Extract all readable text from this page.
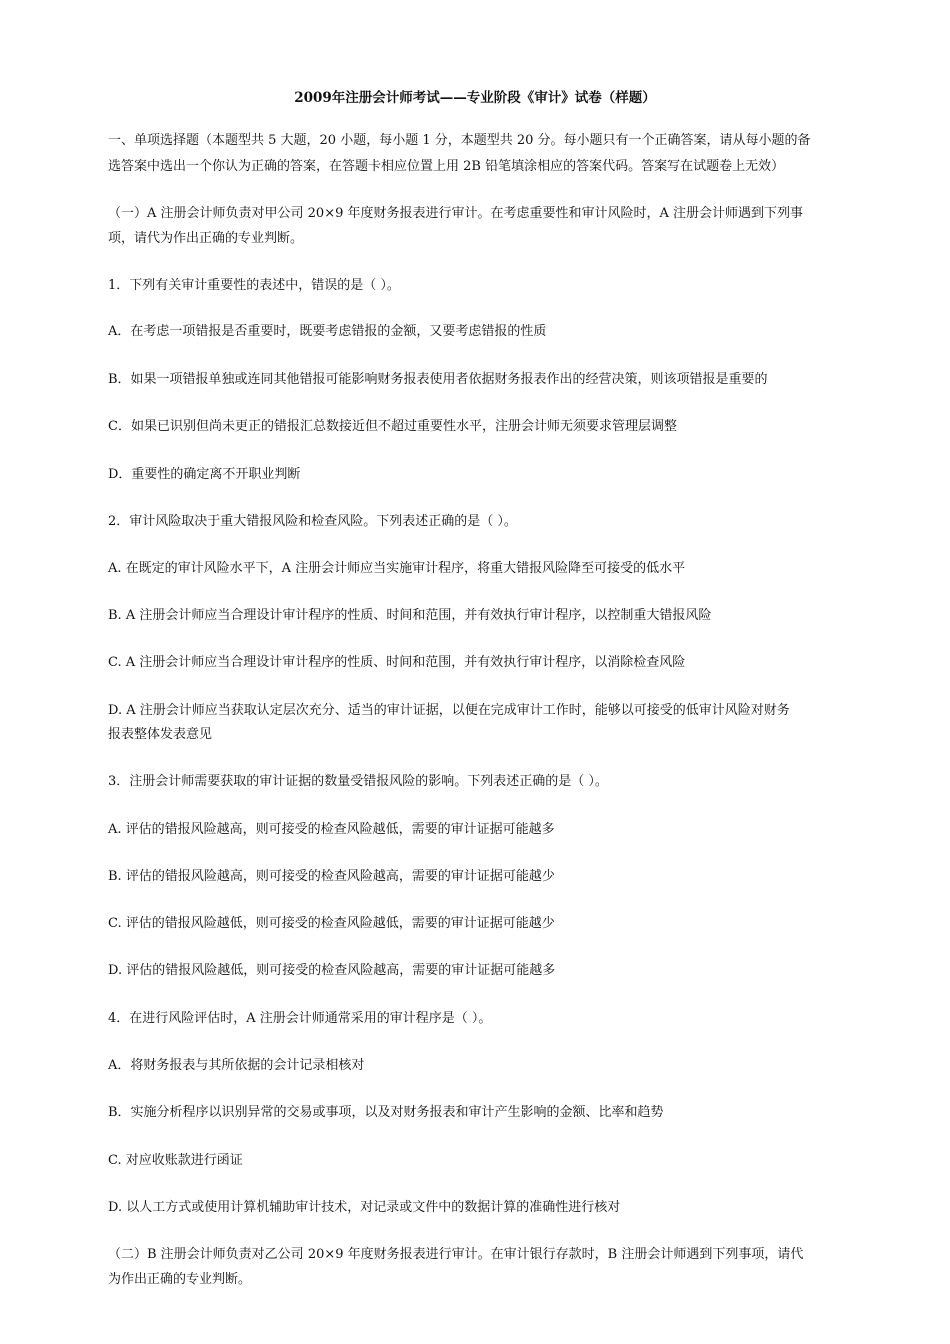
2009年注册会计师考试——专业阶段《审计》试卷（样题）
一、单项选择题（本题型共 5 大题，20 小题，每小题 1 分，本题型共 20 分。每小题只有一个正确答案，请从每小题的备
选答案中选出一个你认为正确的答案，在答题卡相应位置上用 2B 铅笔填涂相应的答案代码。答案写在试题卷上无效）
（一）A 注册会计师负责对甲公司 20×9 年度财务报表进行审计。在考虑重要性和审计风险时，A 注册会计师遇到下列事
项，请代为作出正确的专业判断。
1．下列有关审计重要性的表述中，错误的是（ ）。
A．在考虑一项错报是否重要时，既要考虑错报的金额，又要考虑错报的性质
B．如果一项错报单独或连同其他错报可能影响财务报表使用者依据财务报表作出的经营决策，则该项错报是重要的
C．如果已识别但尚未更正的错报汇总数接近但不超过重要性水平，注册会计师无须要求管理层调整
D．重要性的确定离不开职业判断
2．审计风险取决于重大错报风险和检查风险。下列表述正确的是（ ）。
A. 在既定的审计风险水平下，A 注册会计师应当实施审计程序，将重大错报风险降至可接受的低水平
B. A 注册会计师应当合理设计审计程序的性质、时间和范围，并有效执行审计程序，以控制重大错报风险
C. A 注册会计师应当合理设计审计程序的性质、时间和范围，并有效执行审计程序，以消除检查风险
D. A 注册会计师应当获取认定层次充分、适当的审计证据，以便在完成审计工作时，能够以可接受的低审计风险对财务
报表整体发表意见
3．注册会计师需要获取的审计证据的数量受错报风险的影响。下列表述正确的是（ ）。
A. 评估的错报风险越高，则可接受的检查风险越低，需要的审计证据可能越多
B. 评估的错报风险越高，则可接受的检查风险越高，需要的审计证据可能越少
C. 评估的错报风险越低，则可接受的检查风险越低，需要的审计证据可能越少
D. 评估的错报风险越低，则可接受的检查风险越高，需要的审计证据可能越多
4．在进行风险评估时，A 注册会计师通常采用的审计程序是（ ）。
A．将财务报表与其所依据的会计记录相核对
B．实施分析程序以识别异常的交易或事项，以及对财务报表和审计产生影响的金额、比率和趋势
C. 对应收账款进行函证
D. 以人工方式或使用计算机辅助审计技术，对记录或文件中的数据计算的准确性进行核对
（二）B 注册会计师负责对乙公司 20×9 年度财务报表进行审计。在审计银行存款时，B 注册会计师遇到下列事项，请代
为作出正确的专业判断。
